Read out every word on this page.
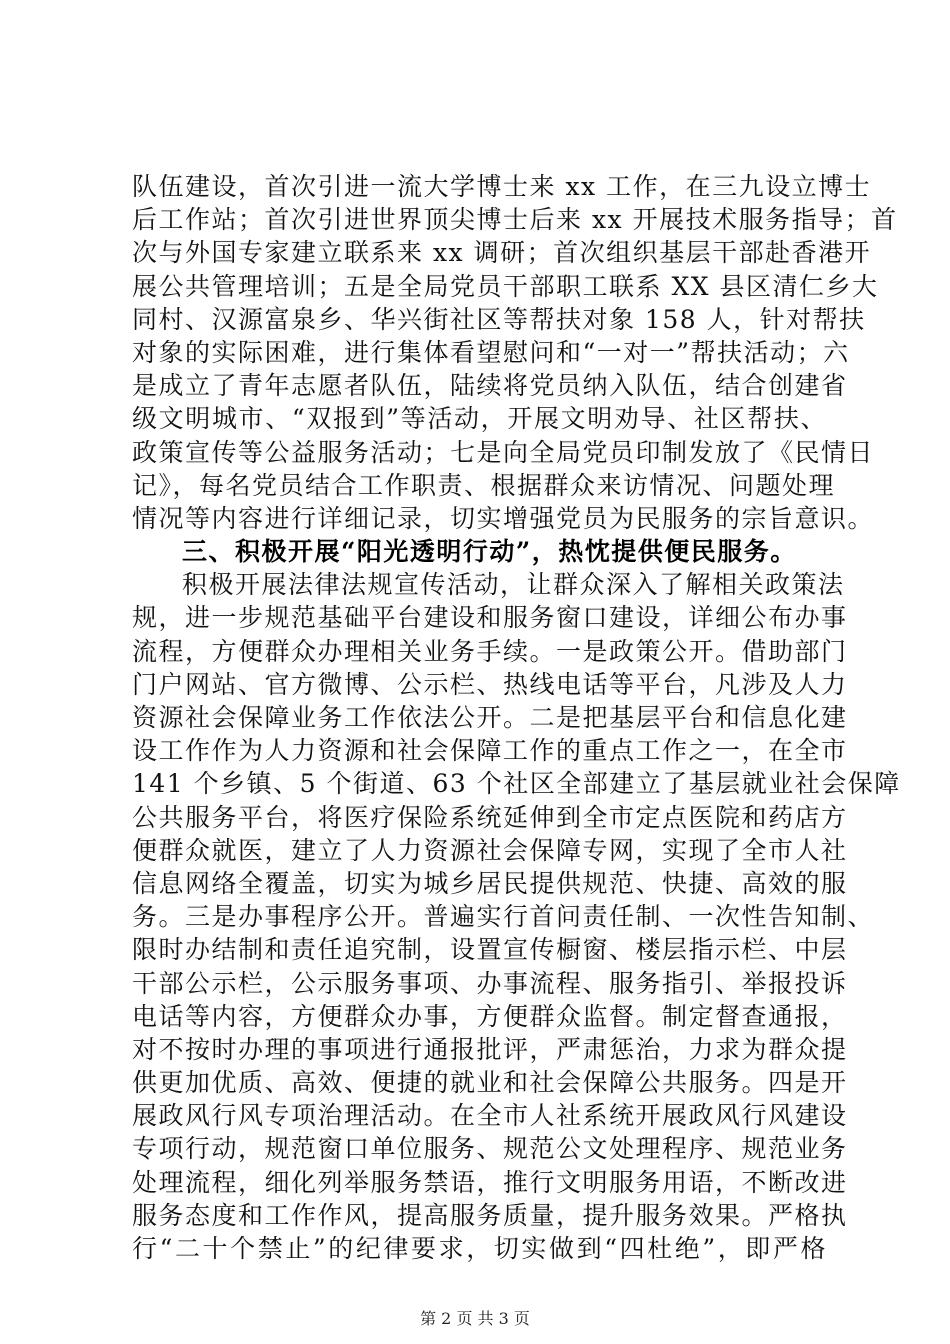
队伍建设，首次引进一流大学博士来 xx 工作，在三九设立博士
后工作站；首次引进世界顶尖博士后来 xx 开展技术服务指导；首
次与外国专家建立联系来 xx 调研；首次组织基层干部赴香港开
展公共管理培训；五是全局党员干部职工联系 XX 县区清仁乡大
同村、汉源富泉乡、华兴街社区等帮扶对象 158 人，针对帮扶
对象的实际困难，进行集体看望慰问和“一对一”帮扶活动；六
是成立了青年志愿者队伍，陆续将党员纳入队伍，结合创建省
级文明城市、“双报到”等活动，开展文明劝导、社区帮扶、
政策宣传等公益服务活动；七是向全局党员印制发放了《民情日
记》，每名党员结合工作职责、根据群众来访情况、问题处理
情况等内容进行详细记录，切实增强党员为民服务的宗旨意识。
三、积极开展“阳光透明行动”，热忱提供便民服务。
积极开展法律法规宣传活动，让群众深入了解相关政策法
规，进一步规范基础平台建设和服务窗口建设，详细公布办事
流程，方便群众办理相关业务手续。一是政策公开。借助部门
门户网站、官方微博、公示栏、热线电话等平台，凡涉及人力
资源社会保障业务工作依法公开。二是把基层平台和信息化建
设工作作为人力资源和社会保障工作的重点工作之一，在全市
141 个乡镇、5 个街道、63 个社区全部建立了基层就业社会保障
公共服务平台，将医疗保险系统延伸到全市定点医院和药店方
便群众就医，建立了人力资源社会保障专网，实现了全市人社
信息网络全覆盖，切实为城乡居民提供规范、快捷、高效的服
务。三是办事程序公开。普遍实行首问责任制、一次性告知制、
限时办结制和责任追究制，设置宣传橱窗、楼层指示栏、中层
干部公示栏，公示服务事项、办事流程、服务指引、举报投诉
电话等内容，方便群众办事，方便群众监督。制定督查通报，
对不按时办理的事项进行通报批评，严肃惩治，力求为群众提
供更加优质、高效、便捷的就业和社会保障公共服务。四是开
展政风行风专项治理活动。在全市人社系统开展政风行风建设
专项行动，规范窗口单位服务、规范公文处理程序、规范业务
处理流程，细化列举服务禁语，推行文明服务用语，不断改进
服务态度和工作作风，提高服务质量，提升服务效果。严格执
行“二十个禁止”的纪律要求，切实做到“四杜绝”，即严格
第 2 页 共 3 页
